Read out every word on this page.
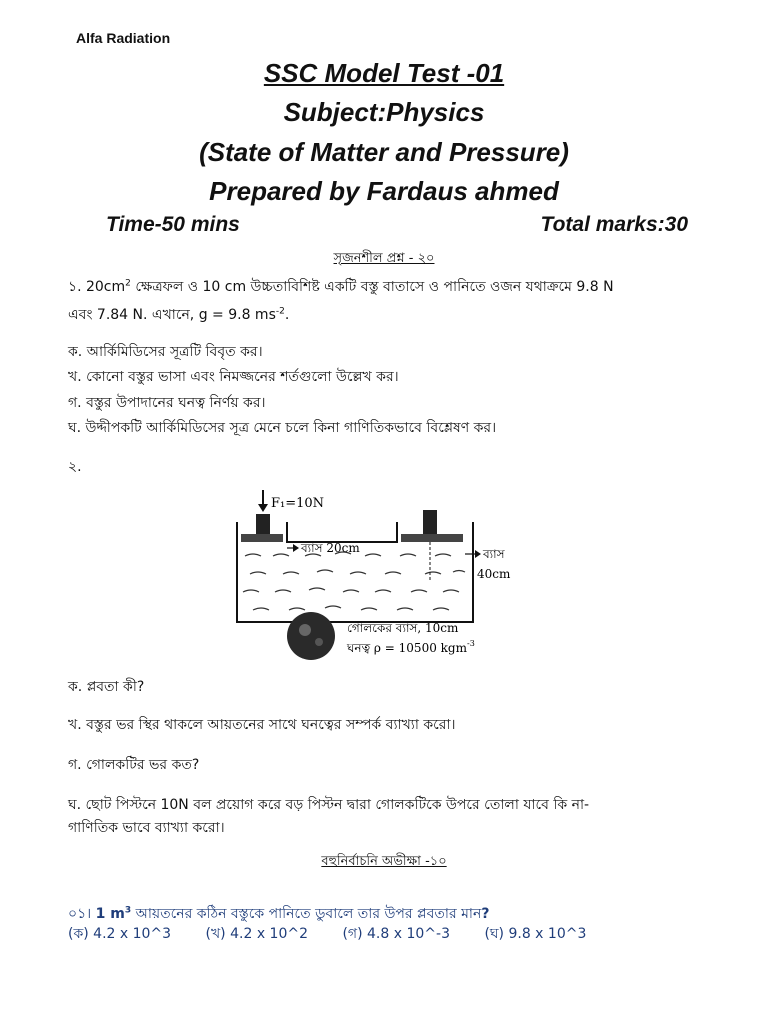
Alfa Radiation
SSC Model Test -01
Subject:Physics
(State of Matter and Pressure)
Prepared by Fardaus ahmed
Time-50 mins	Total marks:30
সৃজনশীল প্রশ্ন - ২০
১. $20cm^2$ ক্ষেত্রফল ও 10 cm উচ্চতাবিশিষ্ট একটি বস্তু বাতাসে ও পানিতে ওজন যথাক্রমে 9.8 N
এবং 7.84 N. এখানে, g = 9.8 $ms^{-2}$.
ক. আর্কিমিডিসের সূত্রটি বিবৃত কর।
খ. কোনো বস্তুর ভাসা এবং নিমজ্জনের শর্তগুলো উল্লেখ কর।
গ. বস্তুর উপাদানের ঘনত্ব নির্ণয় কর।
ঘ. উদ্দীপকটি আর্কিমিডিসের সূত্র মেনে চলে কিনা গাণিতিকভাবে বিশ্লেষণ কর।
২.
F₁=10N
ব্যাস 20cm	ব্যাস
40cm
গোলকের ব্যাস, 10cm
ঘনত্ব ρ = 10500 kgm$^{-3}$
ক. প্লবতা কী?
খ. বস্তুর ভর স্থির থাকলে আয়তনের সাথে ঘনত্বের সম্পর্ক ব্যাখ্যা করো।
গ. গোলকটির ভর কত?
ঘ. ছোট পিস্টনে 10N বল প্রয়োগ করে বড় পিস্টন দ্বারা গোলকটিকে উপরে তোলা যাবে কি না-
গাণিতিক ভাবে ব্যাখ্যা করো।
বহুনির্বাচনি অভীক্ষা -১০
০১। 1 $m^3$ আয়তনের কঠিন বস্তুকে পানিতে ডুবালে তার উপর প্লবতার মান?
(ক) 4.2 x 10^3 (খ) 4.2 x 10^2 (গ) 4.8 x 10^-3 (ঘ) 9.8 x 10^3
